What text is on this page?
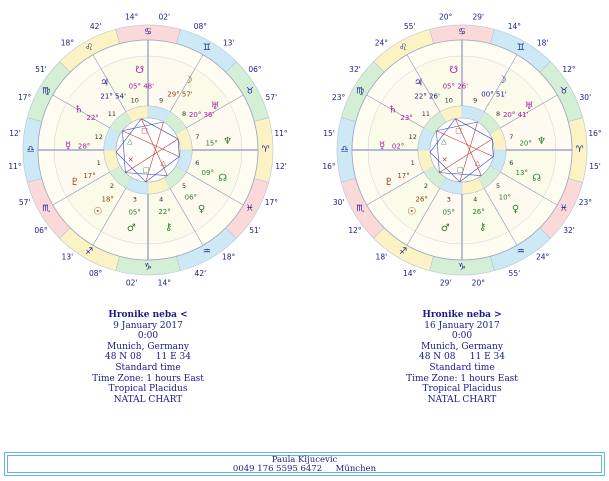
1
2
3	4
5
6
7
8
9
10
11
12
♋
14°	02'
♊
08°
13'
♉
06°
57'
♈
11°
12'
♓
17°
51'
♒
18°
42'
♑
14°
02'
♐
08°
13'
♏
06°
57'
♎
11°
12'
♍
17°
51'
♌
18°
42'
☽
29° 57'
♅
20° 36'
♆
15°
☊
09°
♀
06°
⚷
22°
♂
05°
☉
18°
♇
17°
☿ 28°
♄
22°
♃
21° 54'
☋
05° 48'
□
△
✕
□
△	1
2
3	4
5
6
7
8
9
10
11
12
♋
20°	29'
♊
14°
18'
♉
12°
30'
♈
16°
15'
♓
23°
32'
♒
24°
55'
♑
20°
29'
♐
14°
18'
♏
12°
30'
♎
16°
15'
♍
23°
32'
♌
24°
55'
☽
00° 51'
♅
20° 41'
♆
20°
☊
13°
♀
10°
⚷
26°
♂
05°
☉
26°
♇
17°
☿ 02°
♄
23°
♃
22° 26'
☋
05° 26'
□
△
✕
□
△
Hronike neba <
9 January 2017
0:00
Munich, Germany
48 N 08     11 E 34
Standard time
Time Zone: 1 hours East
Tropical Placidus
NATAL CHART
Hronike neba >
16 January 2017
0:00
Munich, Germany
48 N 08     11 E 34
Standard time
Time Zone: 1 hours East
Tropical Placidus
NATAL CHART
Paula Kljucevic
0049 176 5595 6472     München
